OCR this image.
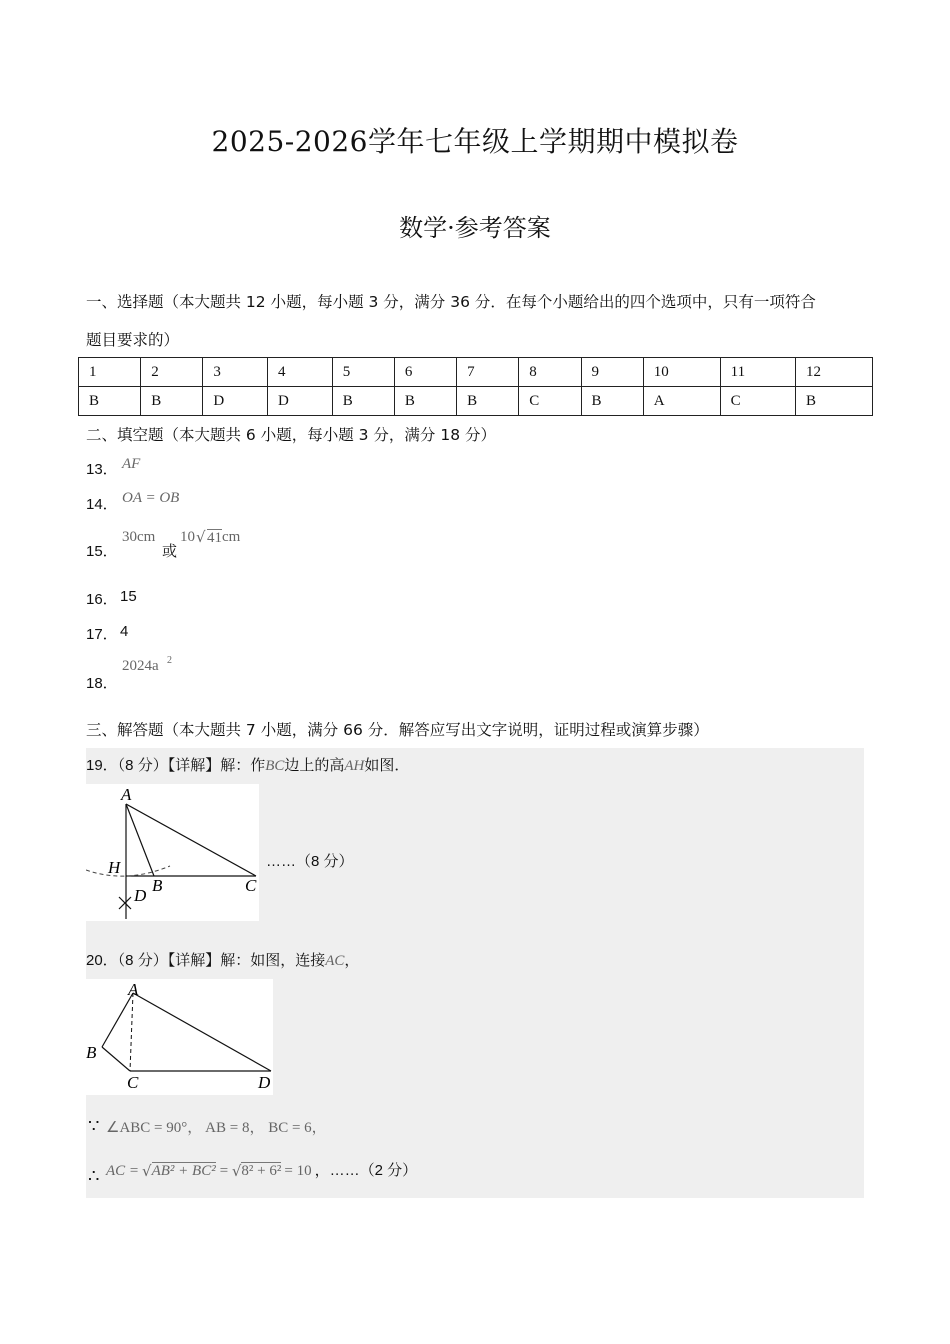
2025-2026学年七年级上学期期中模拟卷
数学·参考答案
一、选择题（本大题共 12 小题，每小题 3 分，满分 36 分．在每个小题给出的四个选项中，只有一项符合
题目要求的）
1	2	3	4	5	6	7	8	9	10	11	12
B	B	D	D	B	B	B	C	B	A	C	B
二、填空题（本大题共 6 小题，每小题 3 分，满分 18 分）
13． AF
14． OA = OB
15．
30cm
或
10 √ 41 cm
16． 15
17． 4
18．
2024a 2
三、解答题（本大题共 7 小题，满分 66 分．解答应写出文字说明，证明过程或演算步骤）
19．（8 分）【详解】解：作BC边上的高AH如图．
A
H
B	C
D
……（8 分）
20．（8 分）【详解】解：如图，连接AC，
A
B
C	D
∵ ∠ABC = 90°， AB = 8， BC = 6，
∴ AC = √ AB² + BC² = √ 8² + 6² = 10 ，……（2 分）
